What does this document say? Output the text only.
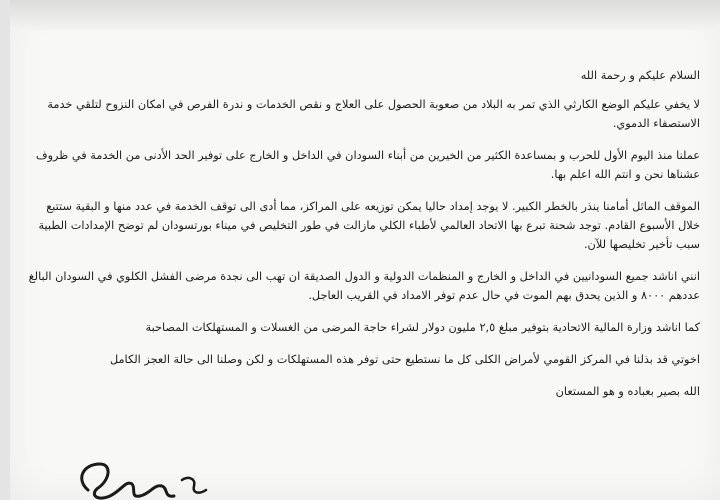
السلام عليكم و رحمة الله

لا يخفي عليكم الوضع الكارثي الذي تمر به البلاد من صعوبة الحصول على العلاج و نقص الخدمات و ندرة الفرص في امكان النزوح لتلقي خدمة الاستصفاء الدموي.

عملنا منذ اليوم الأول للحرب و بمساعدة الكثير من الخيرين من أبناء السودان في الداخل و الخارج على توفير الحد الأدنى من الخدمة في ظروف عشناها نحن و انتم الله اعلم بها.

الموقف الماثل أمامنا ينذر بالخطر الكبير. لا يوجد إمداد حاليا يمكن توزيعه على المراكز، مما أدى الى توقف الخدمة في عدد منها و البقية ستتبع خلال الأسبوع القادم. توجد شحنة تبرع بها الاتحاد العالمي لأطباء الكلي مازالت في طور التخليص في ميناء بورتسودان لم توضح الإمدادات الطبية سبب تأخير تخليصها للآن.

انني اناشد جميع السودانيين في الداخل و الخارج و المنظمات الدولية و الدول الصديقة ان تهب الى نجدة مرضى الفشل الكلوي في السودان البالغ عددهم ٨٠٠٠ و الذين يحدق بهم الموت في حال عدم توفر الامداد في القريب العاجل.

كما اناشد وزارة المالية الاتحادية بتوفير مبلغ ٢,٥ مليون دولار لشراء حاجة المرضى من الغسلات و المستهلكات المصاحبة

اخوتي قد بذلنا في المركز القومي لأمراض الكلى كل ما نستطيع حتى توفر هذه المستهلكات و لكن وصلنا الى حالة العجز الكامل

الله بصير بعباده و هو المستعان
